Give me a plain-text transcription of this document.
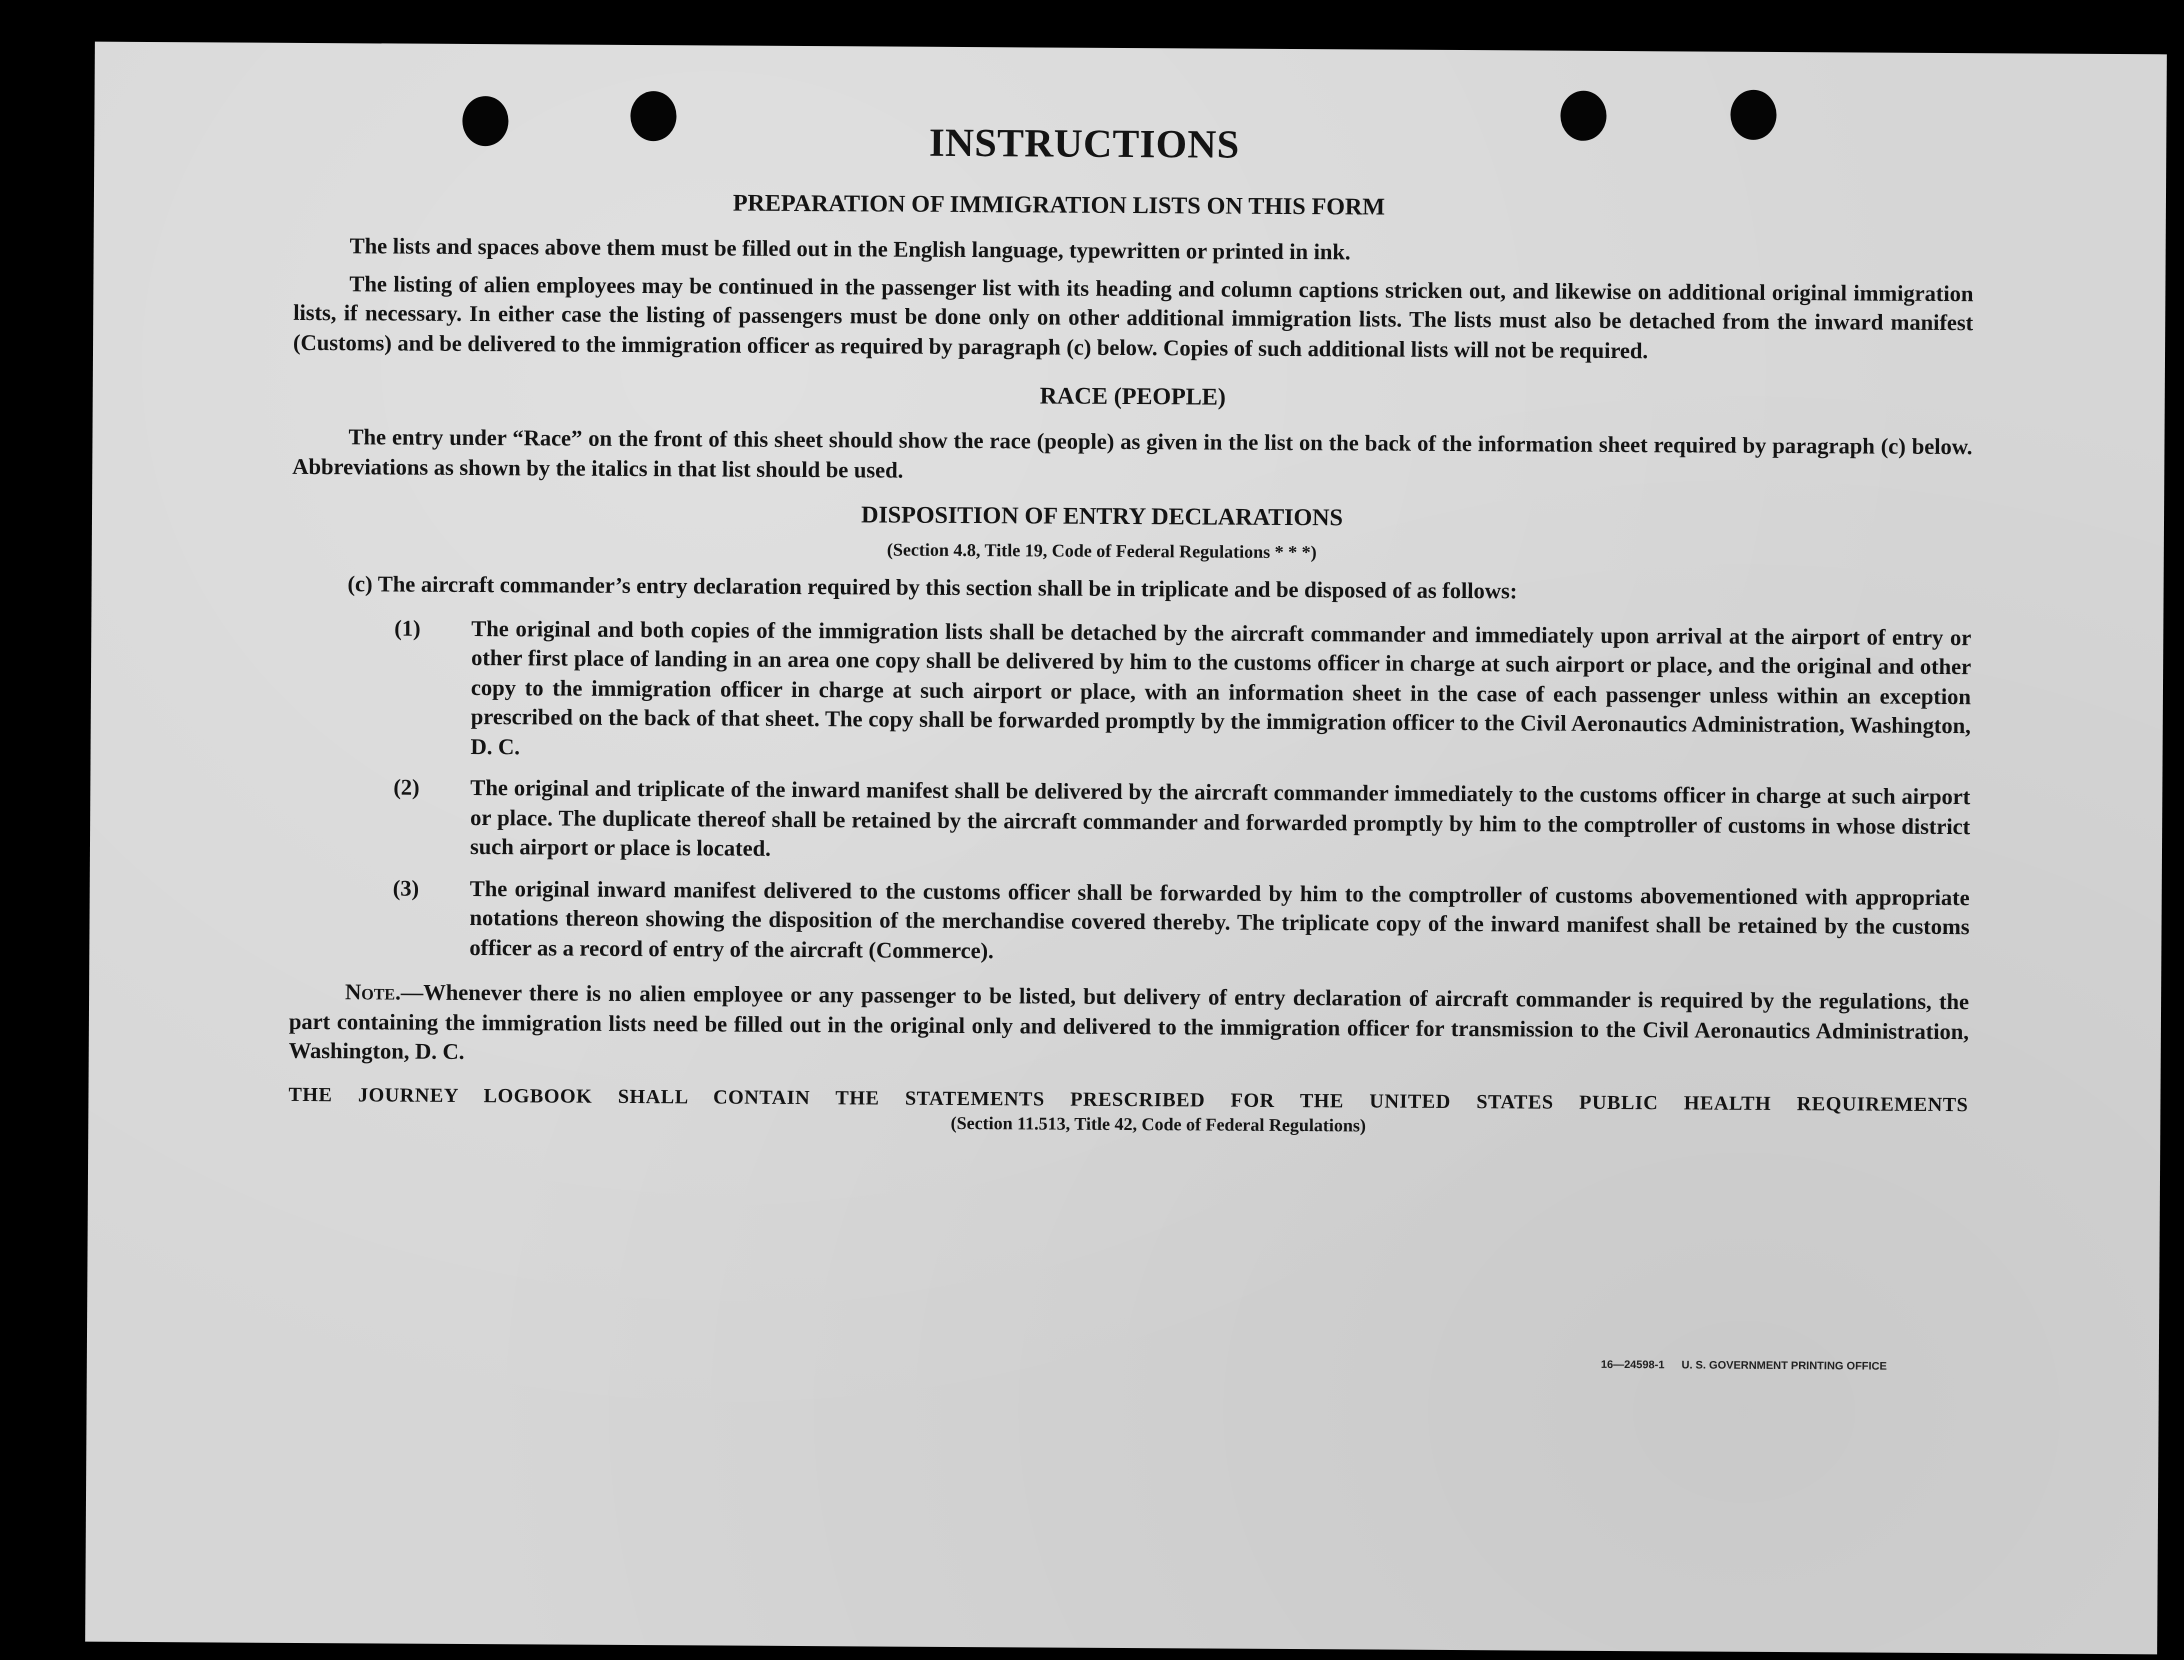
INSTRUCTIONS
PREPARATION OF IMMIGRATION LISTS ON THIS FORM

The lists and spaces above them must be filled out in the English language, typewritten or printed in ink.

The listing of alien employees may be continued in the passenger list with its heading and column captions stricken out, and likewise on additional original immigration lists, if necessary. In either case the listing of passengers must be done only on other additional immigration lists. The lists must also be detached from the inward manifest (Customs) and be delivered to the immigration officer as required by paragraph (c) below. Copies of such additional lists will not be required.

RACE (PEOPLE)

The entry under “Race” on the front of this sheet should show the race (people) as given in the list on the back of the information sheet required by paragraph (c) below. Abbreviations as shown by the italics in that list should be used.

DISPOSITION OF ENTRY DECLARATIONS
(Section 4.8, Title 19, Code of Federal Regulations * * *)

(c) The aircraft commander’s entry declaration required by this section shall be in triplicate and be disposed of as follows:

(1) The original and both copies of the immigration lists shall be detached by the aircraft commander and immediately upon arrival at the airport of entry or other first place of landing in an area one copy shall be delivered by him to the customs officer in charge at such airport or place, and the original and other copy to the immigration officer in charge at such airport or place, with an information sheet in the case of each passenger unless within an exception prescribed on the back of that sheet. The copy shall be forwarded promptly by the immigration officer to the Civil Aeronautics Administration, Washington, D. C.
(2) The original and triplicate of the inward manifest shall be delivered by the aircraft commander immediately to the customs officer in charge at such airport or place. The duplicate thereof shall be retained by the aircraft commander and forwarded promptly by him to the comptroller of customs in whose district such airport or place is located.
(3) The original inward manifest delivered to the customs officer shall be forwarded by him to the comptroller of customs abovementioned with appropriate notations thereon showing the disposition of the merchandise covered thereby. The triplicate copy of the inward manifest shall be retained by the customs officer as a record of entry of the aircraft (Commerce).

Note.—Whenever there is no alien employee or any passenger to be listed, but delivery of entry declaration of aircraft commander is required by the regulations, the part containing the immigration lists need be filled out in the original only and delivered to the immigration officer for transmission to the Civil Aeronautics Administration, Washington, D. C.

THE JOURNEY LOGBOOK SHALL CONTAIN THE STATEMENTS PRESCRIBED FOR THE UNITED STATES PUBLIC HEALTH REQUIREMENTS
(Section 11.513, Title 42, Code of Federal Regulations)
16—24598-1 U. S. GOVERNMENT PRINTING OFFICE
